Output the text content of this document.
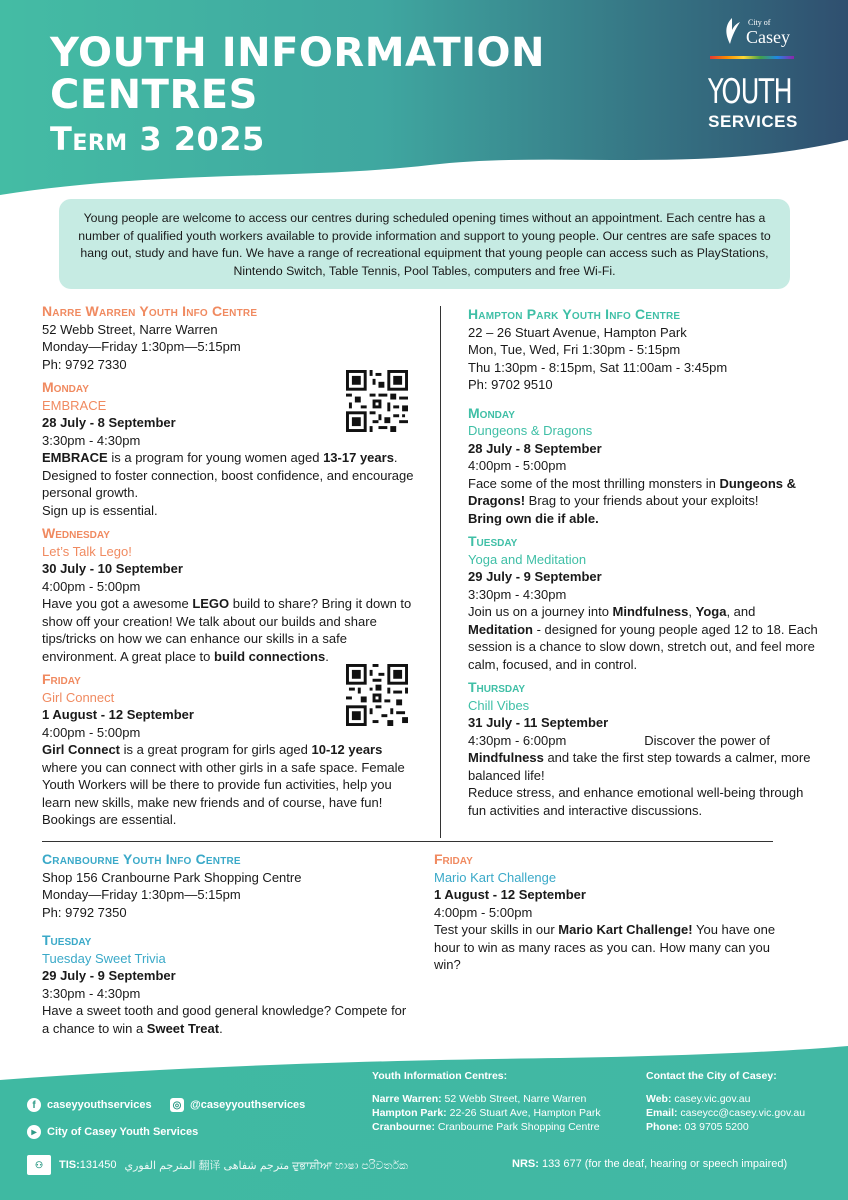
YOUTH INFORMATION
CENTRES
Term 3 2025
City of
Casey
YOUTH
SERVICES
Young people are welcome to access our centres during scheduled opening times without an appointment. Each centre has a number of qualified youth workers available to provide information and support to young people. Our centres are safe spaces to hang out, study and have fun. We have a range of recreational equipment that young people can access such as PlayStations, Nintendo Switch, Table Tennis, Pool Tables, computers and free Wi-Fi.
Narre Warren Youth Info Centre
52 Webb Street, Narre Warren
Monday—Friday 1:30pm—5:15pm
Ph: 9792 7330
Monday
EMBRACE
28 July - 8 September
3:30pm - 4:30pm
EMBRACE is a program for young women aged 13-17 years. Designed to foster connection, boost confidence, and encourage personal growth.
Sign up is essential.
Wednesday
Let’s Talk Lego!
30 July - 10 September
4:00pm - 5:00pm
Have you got a awesome LEGO build to share? Bring it down to show off your creation! We talk about our builds and share tips/tricks on how we can enhance our skills in a safe environment. A great place to build connections.
Friday
Girl Connect
1 August - 12 September
4:00pm - 5:00pm
Girl Connect is a great program for girls aged 10-12 years where you can connect with other girls in a safe space. Female Youth Workers will be there to provide fun activities, help you learn new skills, make new friends and of course, have fun! Bookings are essential.
Hampton Park Youth Info Centre
22 – 26 Stuart Avenue, Hampton Park
Mon, Tue, Wed, Fri 1:30pm - 5:15pm
Thu 1:30pm - 8:15pm, Sat 11:00am - 3:45pm
Ph: 9702 9510
Monday
Dungeons & Dragons
28 July - 8 September
4:00pm - 5:00pm
Face some of the most thrilling monsters in Dungeons & Dragons! Brag to your friends about your exploits!
Bring own die if able.
Tuesday
Yoga and Meditation
29 July - 9 September
3:30pm - 4:30pm
Join us on a journey into Mindfulness, Yoga, and Meditation - designed for young people aged 12 to 18. Each session is a chance to slow down, stretch out, and feel more calm, focused, and in control.
Thursday
Chill Vibes
31 July - 11 September
4:30pm - 6:00pm	Discover the power of Mindfulness and take the first step towards a calmer, more balanced life!
Reduce stress, and enhance emotional well-being through fun activities and interactive discussions.
Cranbourne Youth Info Centre
Shop 156 Cranbourne Park Shopping Centre
Monday—Friday 1:30pm—5:15pm
Ph: 9792 7350
Tuesday
Tuesday Sweet Trivia
29 July - 9 September
3:30pm - 4:30pm
Have a sweet tooth and good general knowledge? Compete for a chance to win a Sweet Treat.
Friday
Mario Kart Challenge
1 August - 12 September
4:00pm - 5:00pm
Test your skills in our Mario Kart Challenge! You have one hour to win as many races as you can. How many can you win?
f	caseyyouthservices ◎ @caseyyouthservices
▸ City of Casey Youth Services
Youth Information Centres:
Narre Warren: 52 Webb Street, Narre Warren
Hampton Park: 22-26 Stuart Ave, Hampton Park
Cranbourne: Cranbourne Park Shopping Centre
Contact the City of Casey:
Web: casey.vic.gov.au
Email: caseycc@casey.vic.gov.au
Phone: 03 9705 5200
⚇	TIS:131450 المترجم الفوري 翻译 مترجم شفاهی ਦੁਭਾਸ਼ੀਆ භාෂා පරිවර්තක	NRS: 133 677 (for the deaf, hearing or speech impaired)
